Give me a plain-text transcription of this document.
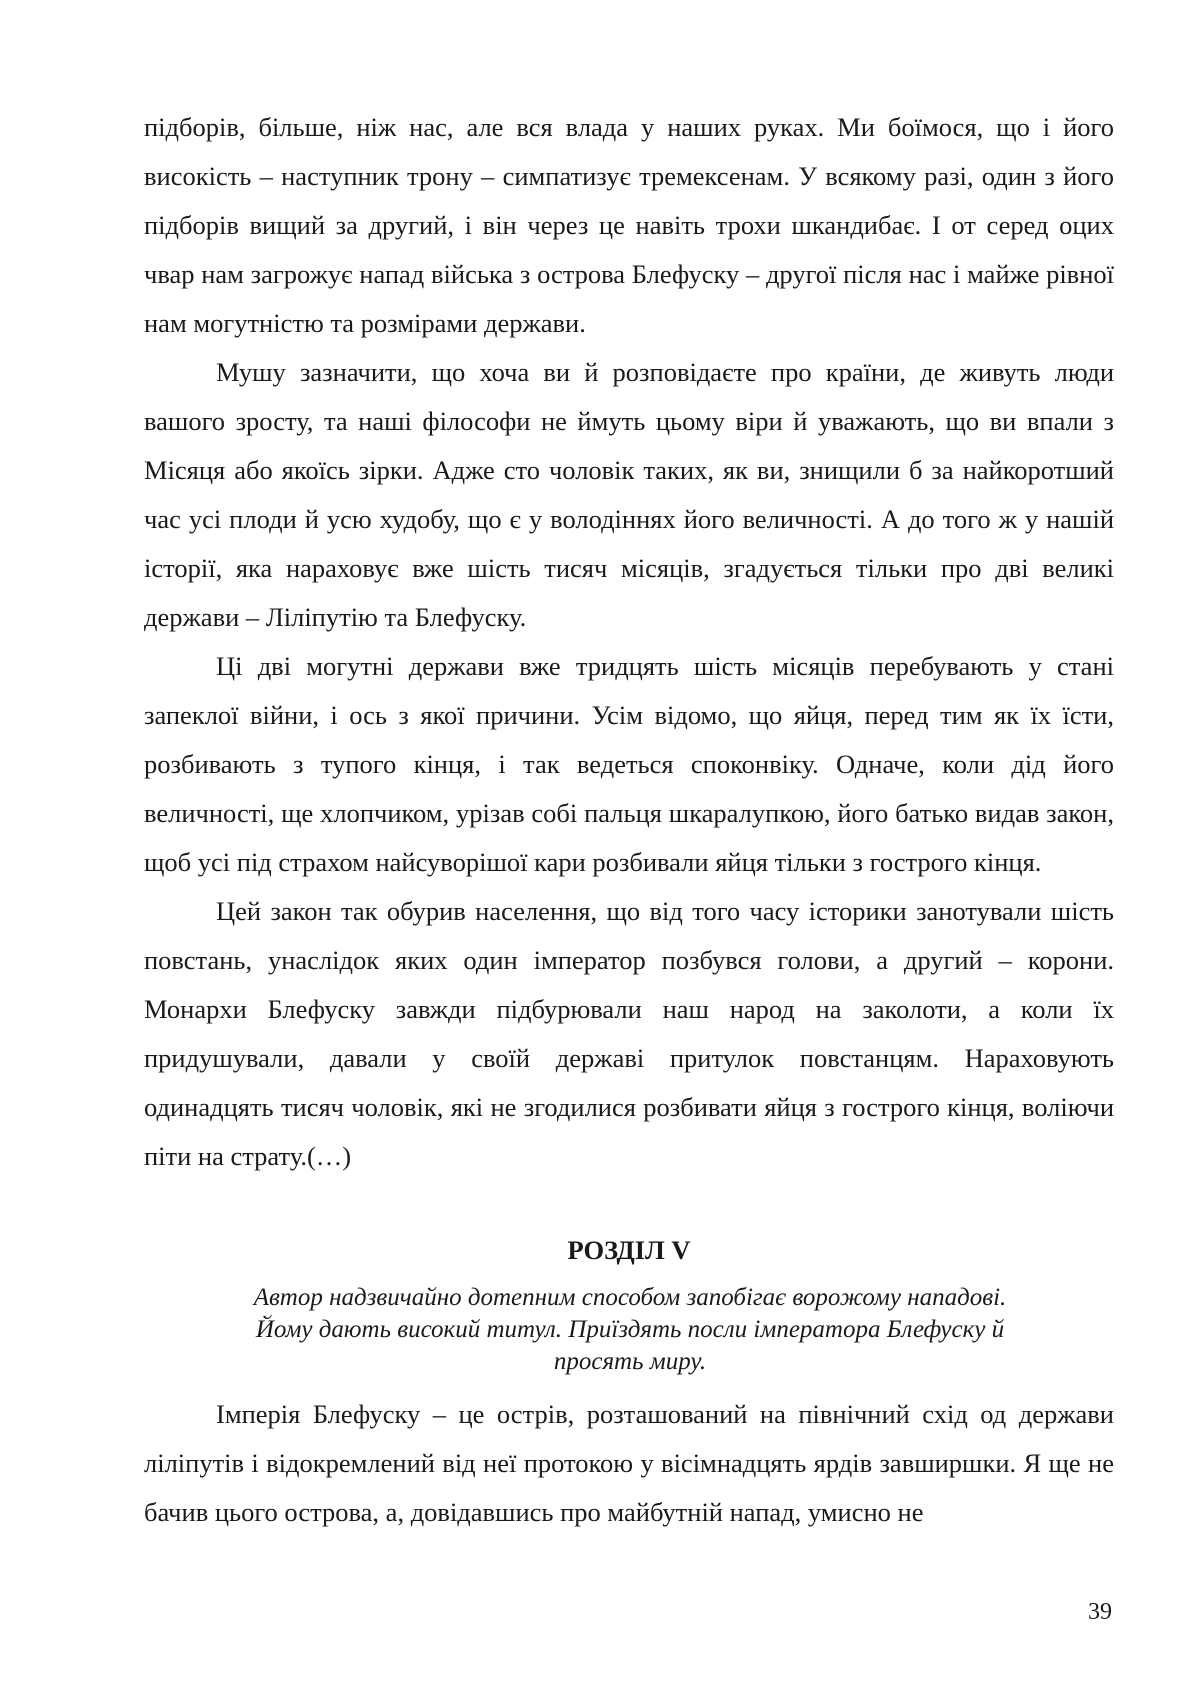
підборів, більше, ніж нас, але вся влада у наших руках. Ми боїмося, що і його високість – наступник трону – симпатизує тремексенам. У всякому разі, один з його підборів вищий за другий, і він через це навіть трохи шкандибає. І от серед оцих чвар нам загрожує напад війська з острова Блефуску – другої після нас і майже рівної нам могутністю та розмірами держави.

Мушу зазначити, що хоча ви й розповідаєте про країни, де живуть люди вашого зросту, та наші філософи не ймуть цьому віри й уважають, що ви впали з Місяця або якоїсь зірки. Адже сто чоловік таких, як ви, знищили б за найкоротший час усі плоди й усю худобу, що є у володіннях його величності. А до того ж у нашій історії, яка нараховує вже шість тисяч місяців, згадується тільки про дві великі держави – Ліліпутію та Блефуску.

Ці дві могутні держави вже тридцять шість місяців перебувають у стані запеклої війни, і ось з якої причини. Усім відомо, що яйця, перед тим як їх їсти, розбивають з тупого кінця, і так ведеться споконвіку. Одначе, коли дід його величності, ще хлопчиком, урізав собі пальця шкаралупкою, його батько видав закон, щоб усі під страхом найсуворішої кари розбивали яйця тільки з гострого кінця.

Цей закон так обурив населення, що від того часу історики занотували шість повстань, унаслідок яких один імператор позбувся голови, а другий – корони. Монархи Блефуску завжди підбурювали наш народ на заколоти, а коли їх придушували, давали у своїй державі притулок повстанцям. Нараховують одинадцять тисяч чоловік, які не згодилися розбивати яйця з гострого кінця, воліючи піти на страту.(…)

РОЗДІЛ V
Автор надзвичайно дотепним способом запобігає ворожому нападові.
Йому дають високий титул. Приїздять посли імператора Блефуску й
просять миру.

Імперія Блефуску – це острів, розташований на північний схід од держави ліліпутів і відокремлений від неї протокою у вісімнадцять ярдів завширшки. Я ще не бачив цього острова, а, довідавшись про майбутній напад, умисно не

39
